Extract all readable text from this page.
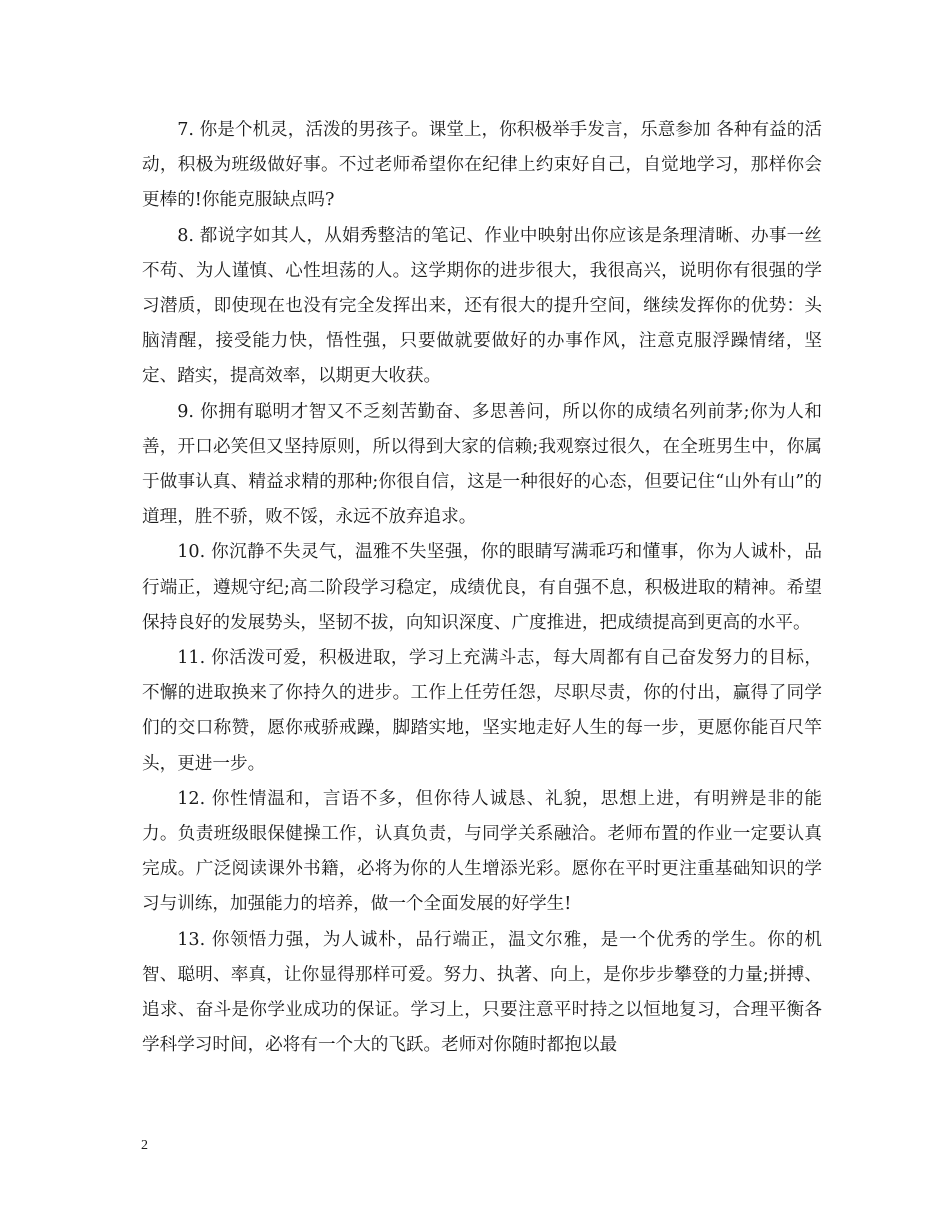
7. 你是个机灵，活泼的男孩子。课堂上，你积极举手发言，乐意参加 各种有益的活动，积极为班级做好事。不过老师希望你在纪律上约束好自己，自觉地学习，那样你会更棒的!你能克服缺点吗?

8. 都说字如其人，从娟秀整洁的笔记、作业中映射出你应该是条理清晰、办事一丝不苟、为人谨慎、心性坦荡的人。这学期你的进步很大，我很高兴，说明你有很强的学习潜质，即使现在也没有完全发挥出来，还有很大的提升空间，继续发挥你的优势：头脑清醒，接受能力快，悟性强，只要做就要做好的办事作风，注意克服浮躁情绪，坚定、踏实，提高效率，以期更大收获。

9. 你拥有聪明才智又不乏刻苦勤奋、多思善问，所以你的成绩名列前茅;你为人和善，开口必笑但又坚持原则，所以得到大家的信赖;我观察过很久，在全班男生中，你属于做事认真、精益求精的那种;你很自信，这是一种很好的心态，但要记住“山外有山”的道理，胜不骄，败不馁，永远不放弃追求。

10. 你沉静不失灵气，温雅不失坚强，你的眼睛写满乖巧和懂事，你为人诚朴，品行端正，遵规守纪;高二阶段学习稳定，成绩优良，有自强不息，积极进取的精神。希望保持良好的发展势头，坚韧不拔，向知识深度、广度推进，把成绩提高到更高的水平。

11. 你活泼可爱，积极进取，学习上充满斗志，每大周都有自己奋发努力的目标，不懈的进取换来了你持久的进步。工作上任劳任怨，尽职尽责，你的付出，赢得了同学们的交口称赞，愿你戒骄戒躁，脚踏实地，坚实地走好人生的每一步，更愿你能百尺竿头，更进一步。

12. 你性情温和，言语不多，但你待人诚恳、礼貌，思想上进，有明辨是非的能力。负责班级眼保健操工作，认真负责，与同学关系融洽。老师布置的作业一定要认真完成。广泛阅读课外书籍，必将为你的人生增添光彩。愿你在平时更注重基础知识的学习与训练，加强能力的培养，做一个全面发展的好学生!

13. 你领悟力强，为人诚朴，品行端正，温文尔雅，是一个优秀的学生。你的机智、聪明、率真，让你显得那样可爱。努力、执著、向上，是你步步攀登的力量;拼搏、追求、奋斗是你学业成功的保证。学习上，只要注意平时持之以恒地复习，合理平衡各学科学习时间，必将有一个大的飞跃。老师对你随时都抱以最

2
